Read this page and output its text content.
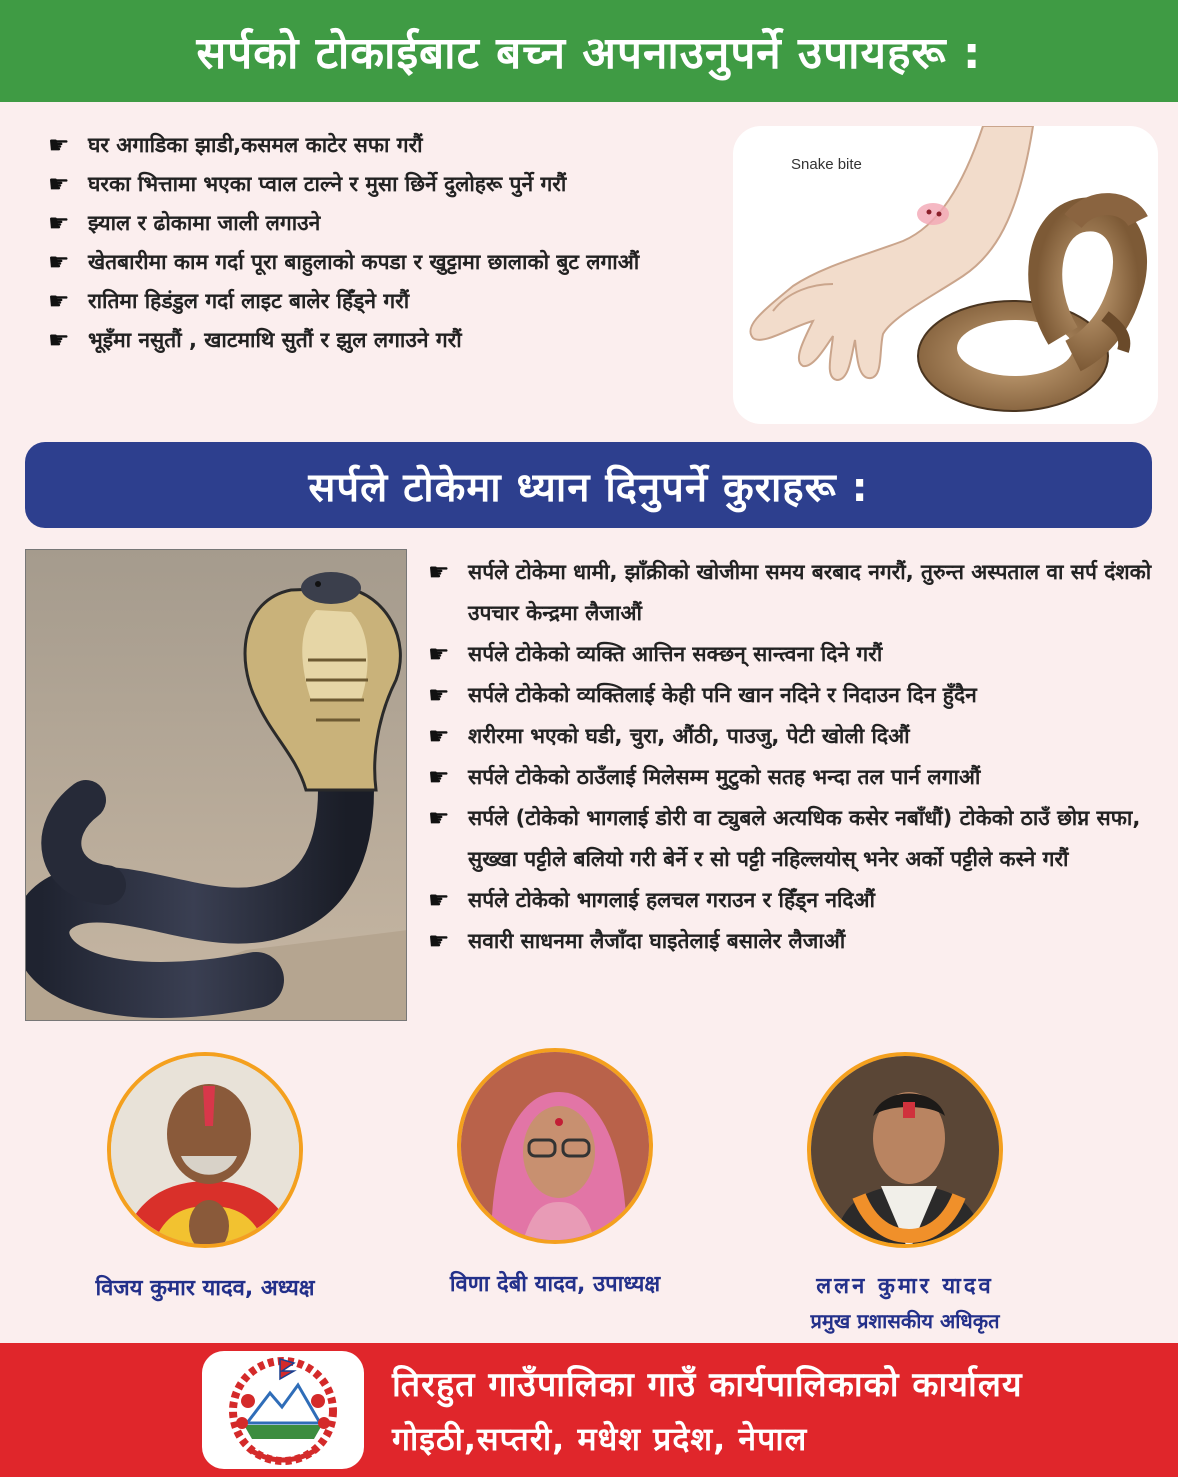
सर्पको टोकाईबाट बच्न अपनाउनुपर्ने उपायहरू :
☛ घर अगाडिका झाडी,कसमल काटेर सफा गरौं
☛ घरका भित्तामा भएका प्वाल टाल्ने र मुसा छिर्ने दुलोहरू पुर्ने गरौं
☛ झ्याल र ढोकामा जाली लगाउने
☛ खेतबारीमा काम गर्दा पूरा बाहुलाको कपडा र खुट्टामा छालाको बुट लगाऔं
☛ रातिमा हिडंडुल गर्दा लाइट बालेर हिँड्ने गरौं
☛ भूइँमा नसुतौं , खाटमाथि सुतौं र झुल लगाउने गरौं
Snake bite
सर्पले टोकेमा ध्यान दिनुपर्ने कुराहरू :
☛ सर्पले टोकेमा धामी, झाँक्रीको खोजीमा समय बरबाद नगरौं, तुरुन्त अस्पताल वा सर्प दंशको उपचार केन्द्रमा लैजाऔं
☛ सर्पले टोकेको व्यक्ति आत्तिन सक्छन् सान्त्वना दिने गरौं
☛ सर्पले टोकेको व्यक्तिलाई केही पनि खान नदिने र निदाउन दिन हुँदैन
☛ शरीरमा भएको घडी, चुरा, औंठी, पाउजु, पेटी खोली दिऔं
☛ सर्पले टोकेको ठाउँलाई मिलेसम्म मुटुको सतह भन्दा तल पार्न लगाऔं
☛ सर्पले (टोकेको भागलाई डोरी वा ट्युबले अत्यधिक कसेर नबाँधौं) टोकेको ठाउँ छोप्न सफा, सुख्खा पट्टीले बलियो गरी बेर्ने र सो पट्टी नहिल्लयोस् भनेर अर्को पट्टीले कस्ने गरौं
☛ सर्पले टोकेको भागलाई हलचल गराउन र हिँड्न नदिऔं
☛ सवारी साधनमा लैजाँदा घाइतेलाई बसालेर लैजाऔं
विजय कुमार यादव, अध्यक्ष	विणा देबी यादव, उपाध्यक्ष	ललन कुमार यादव
प्रमुख प्रशासकीय अधिकृत
तिरहुत गाउँपालिका गाउँ कार्यपालिकाको कार्यालय
गोइठी,सप्तरी, मधेश प्रदेश, नेपाल
